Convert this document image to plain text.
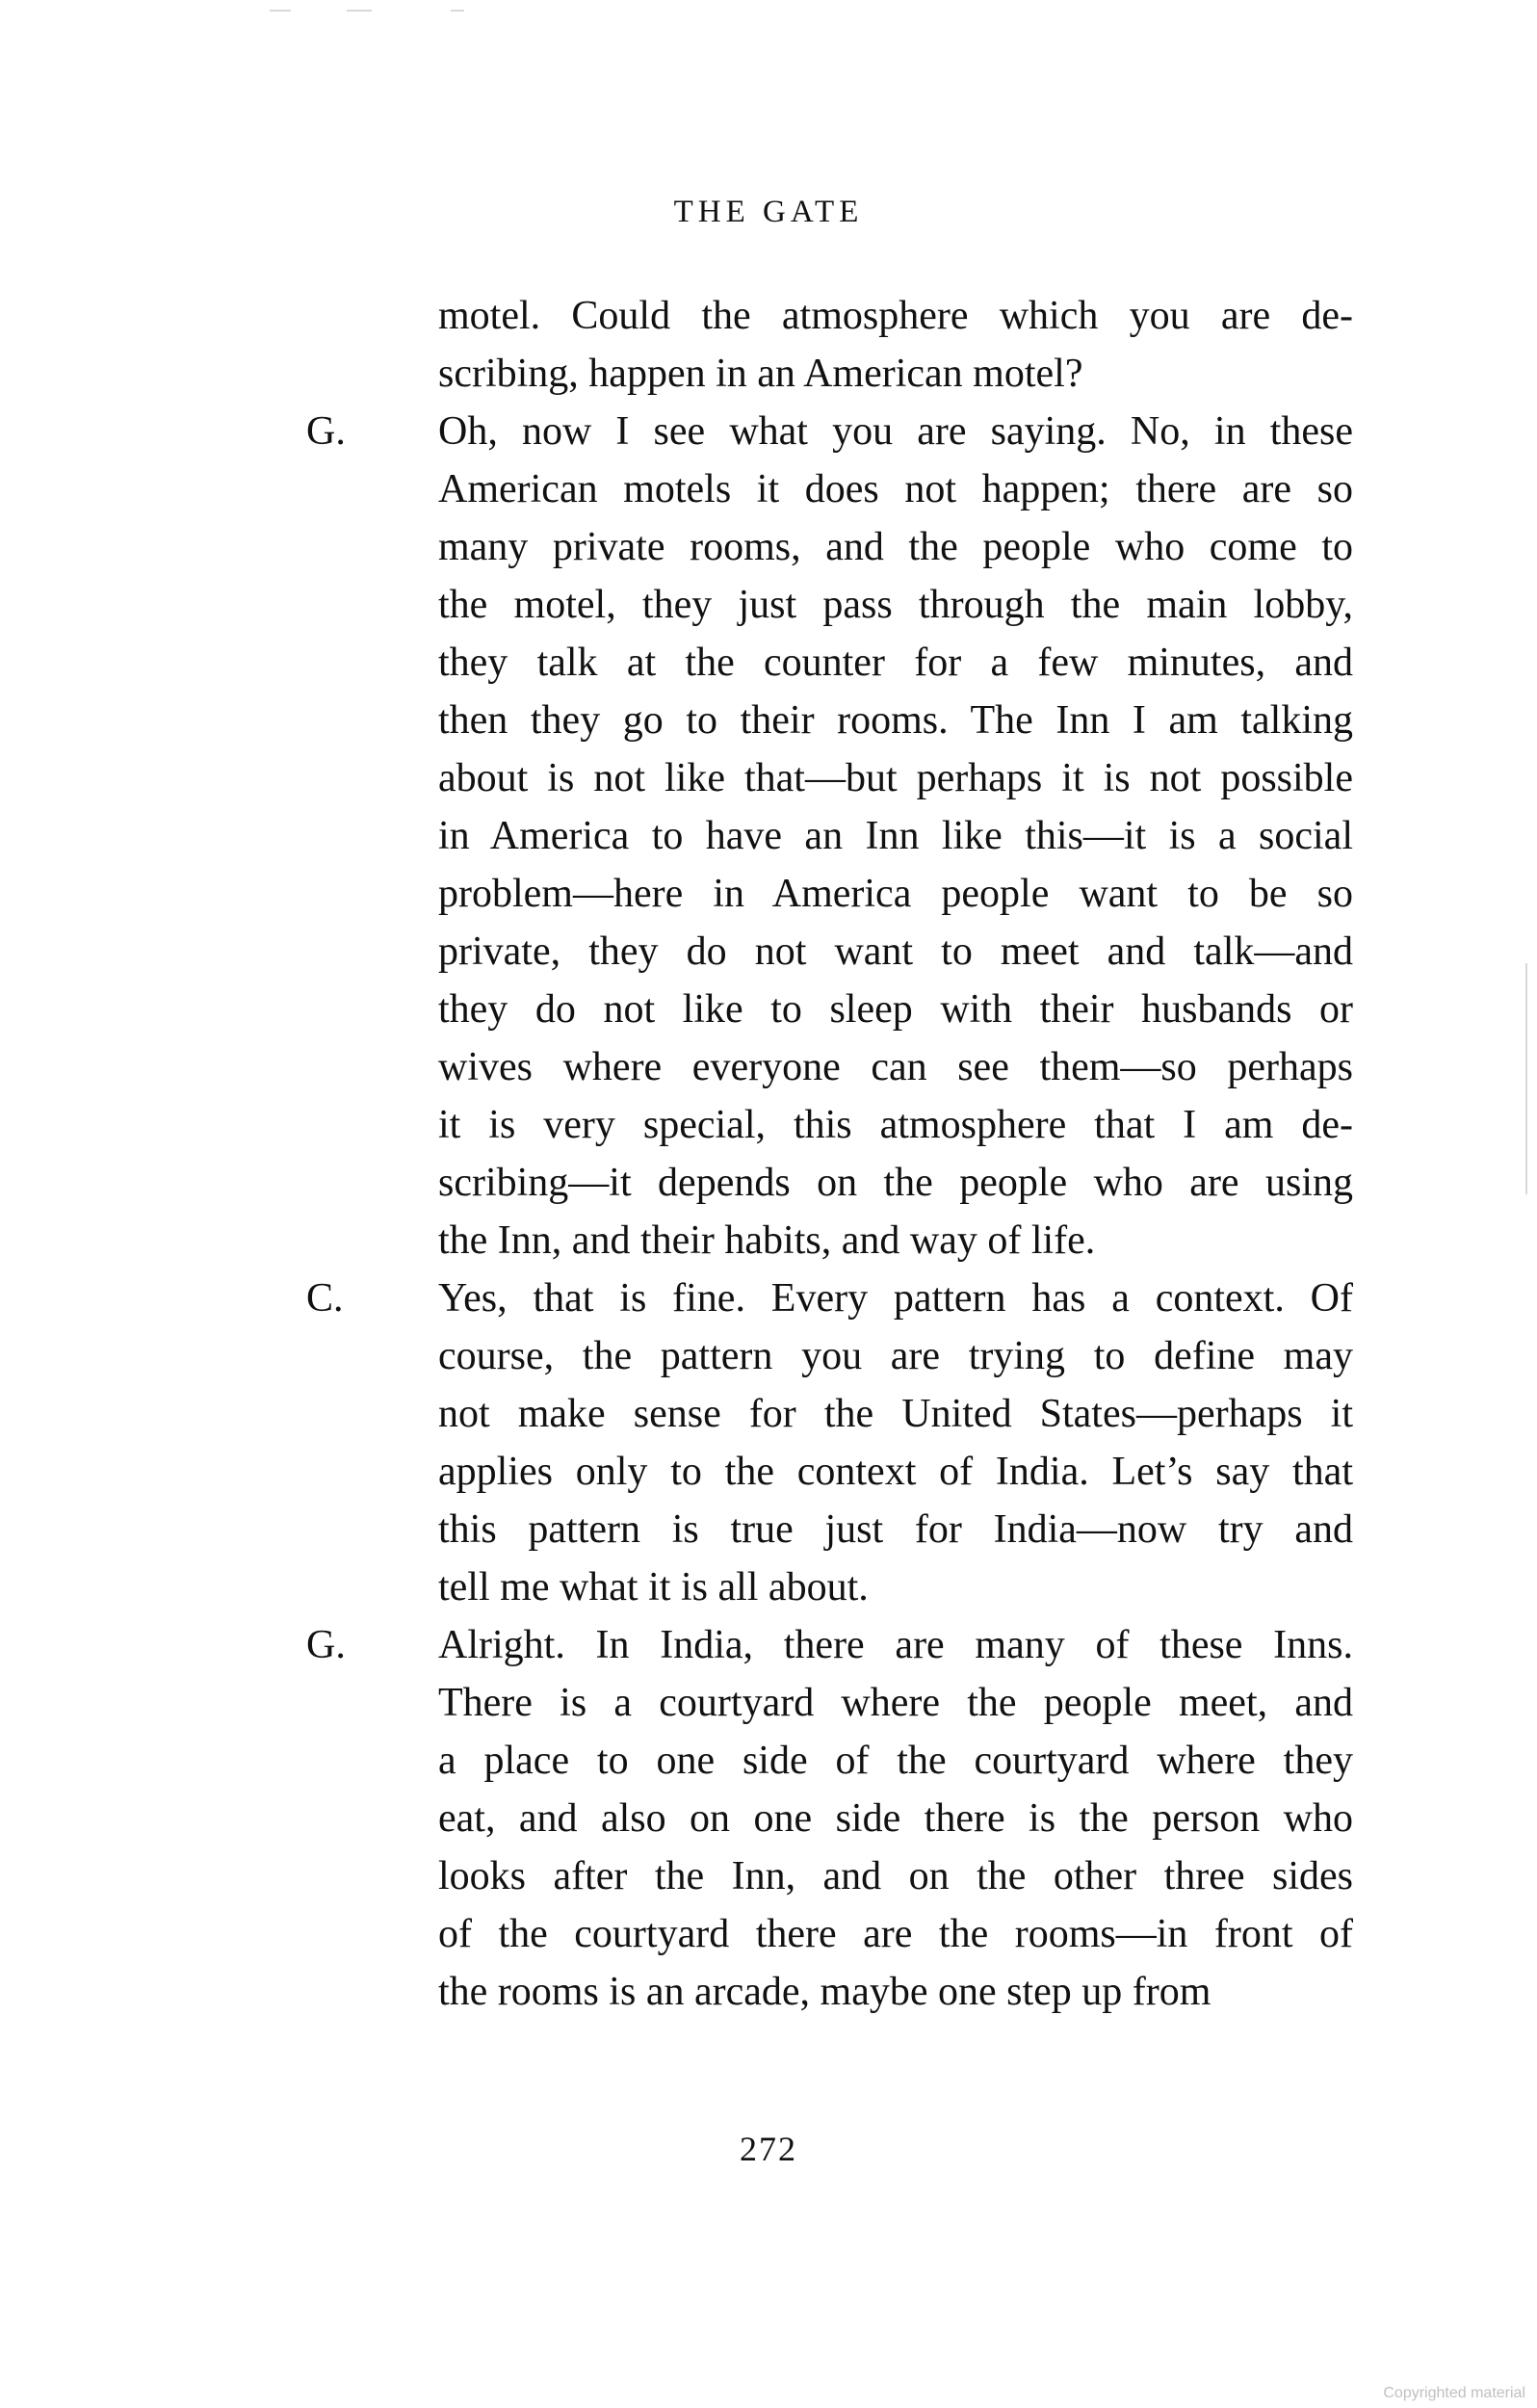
THE GATE
motel. Could the atmosphere which you are de-
scribing, happen in an American motel?
G. Oh, now I see what you are saying. No, in these
American motels it does not happen; there are so
many private rooms, and the people who come to
the motel, they just pass through the main lobby,
they talk at the counter for a few minutes, and
then they go to their rooms. The Inn I am talking
about is not like that—but perhaps it is not possible
in America to have an Inn like this—it is a social
problem—here in America people want to be so
private, they do not want to meet and talk—and
they do not like to sleep with their husbands or
wives where everyone can see them—so perhaps
it is very special, this atmosphere that I am de-
scribing—it depends on the people who are using
the Inn, and their habits, and way of life.
C. Yes, that is fine. Every pattern has a context. Of
course, the pattern you are trying to define may
not make sense for the United States—perhaps it
applies only to the context of India. Let’s say that
this pattern is true just for India—now try and
tell me what it is all about.
G. Alright. In India, there are many of these Inns.
There is a courtyard where the people meet, and
a place to one side of the courtyard where they
eat, and also on one side there is the person who
looks after the Inn, and on the other three sides
of the courtyard there are the rooms—in front of
the rooms is an arcade, maybe one step up from
272
Copyrighted material
